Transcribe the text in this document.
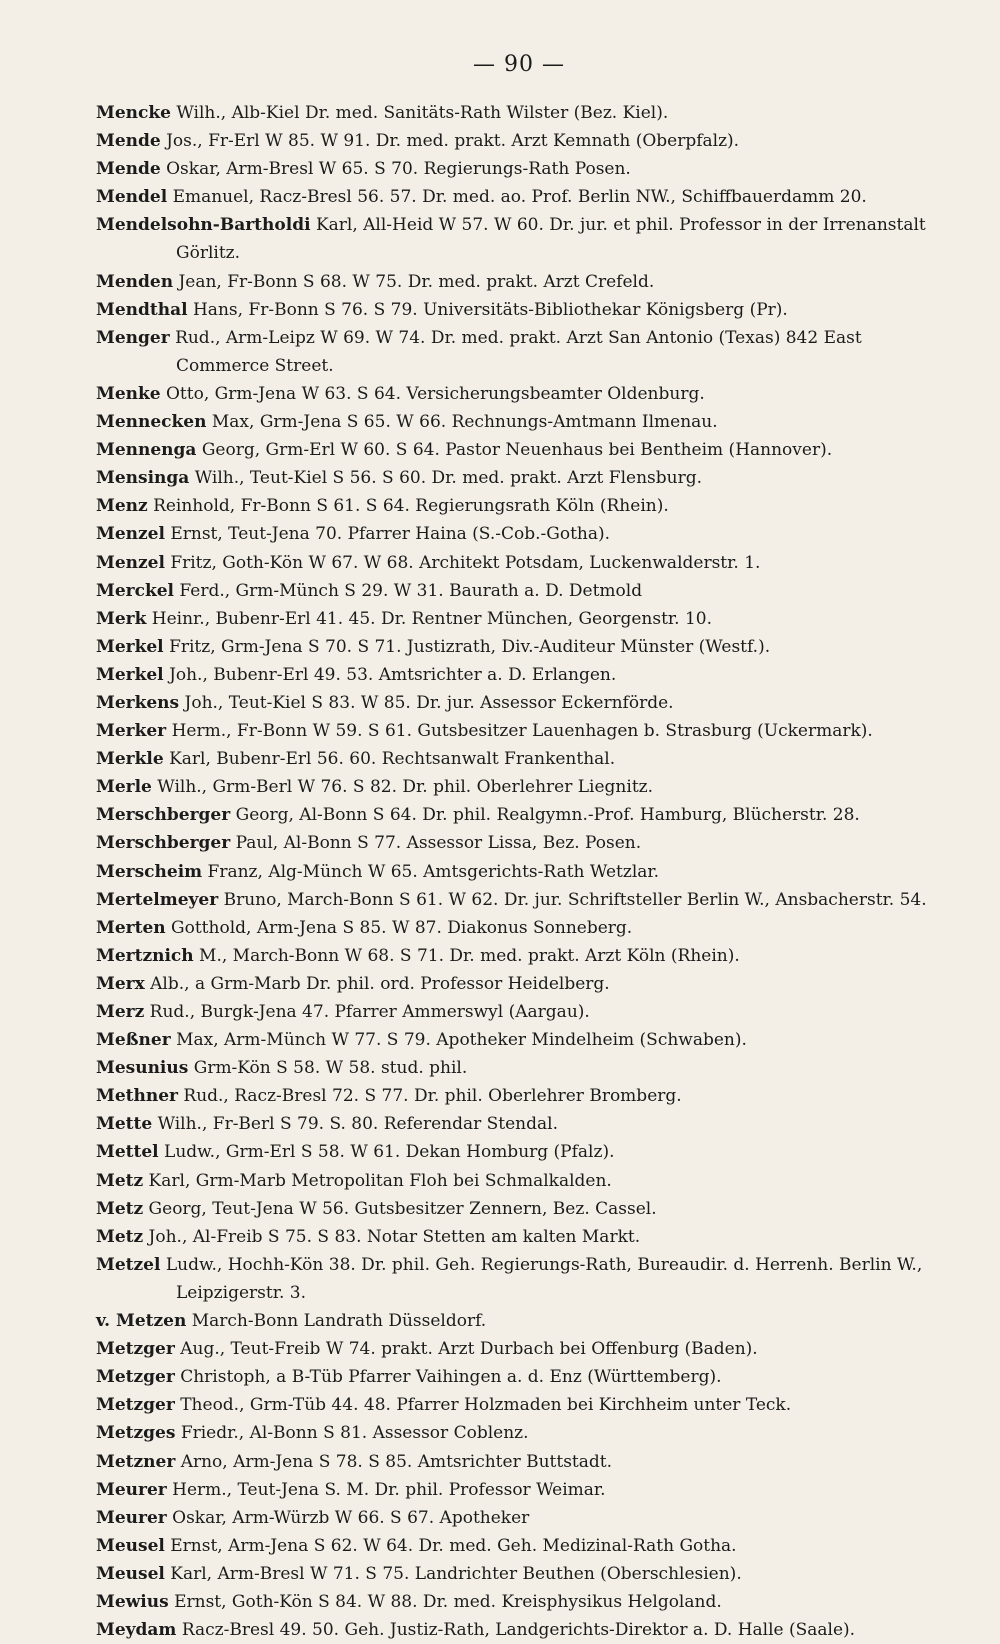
— 90 —
Mencke Wilh., Alb-Kiel Dr. med. Sanitäts-Rath Wilster (Bez. Kiel).
Mende Jos., Fr-Erl W 85. W 91. Dr. med. prakt. Arzt Kemnath (Oberpfalz).
Mende Oskar, Arm-Bresl W 65. S 70. Regierungs-Rath Posen.
Mendel Emanuel, Racz-Bresl 56. 57. Dr. med. ao. Prof. Berlin NW., Schiffbauerdamm 20.
Mendelsohn-Bartholdi Karl, All-Heid W 57. W 60. Dr. jur. et phil. Professor in der Irrenanstalt Görlitz.
Menden Jean, Fr-Bonn S 68. W 75. Dr. med. prakt. Arzt Crefeld.
Mendthal Hans, Fr-Bonn S 76. S 79. Universitäts-Bibliothekar Königsberg (Pr).
Menger Rud., Arm-Leipz W 69. W 74. Dr. med. prakt. Arzt San Antonio (Texas) 842 East Commerce Street.
Menke Otto, Grm-Jena W 63. S 64. Versicherungsbeamter Oldenburg.
Mennecken Max, Grm-Jena S 65. W 66. Rechnungs-Amtmann Ilmenau.
Mennenga Georg, Grm-Erl W 60. S 64. Pastor Neuenhaus bei Bentheim (Hannover).
Mensinga Wilh., Teut-Kiel S 56. S 60. Dr. med. prakt. Arzt Flensburg.
Menz Reinhold, Fr-Bonn S 61. S 64. Regierungsrath Köln (Rhein).
Menzel Ernst, Teut-Jena 70. Pfarrer Haina (S.-Cob.-Gotha).
Menzel Fritz, Goth-Kön W 67. W 68. Architekt Potsdam, Luckenwalderstr. 1.
Merckel Ferd., Grm-Münch S 29. W 31. Baurath a. D. Detmold
Merk Heinr., Bubenr-Erl 41. 45. Dr. Rentner München, Georgenstr. 10.
Merkel Fritz, Grm-Jena S 70. S 71. Justizrath, Div.-Auditeur Münster (Westf.).
Merkel Joh., Bubenr-Erl 49. 53. Amtsrichter a. D. Erlangen.
Merkens Joh., Teut-Kiel S 83. W 85. Dr. jur. Assessor Eckernförde.
Merker Herm., Fr-Bonn W 59. S 61. Gutsbesitzer Lauenhagen b. Strasburg (Uckermark).
Merkle Karl, Bubenr-Erl 56. 60. Rechtsanwalt Frankenthal.
Merle Wilh., Grm-Berl W 76. S 82. Dr. phil. Oberlehrer Liegnitz.
Merschberger Georg, Al-Bonn S 64. Dr. phil. Realgymn.-Prof. Hamburg, Blücherstr. 28.
Merschberger Paul, Al-Bonn S 77. Assessor Lissa, Bez. Posen.
Merscheim Franz, Alg-Münch W 65. Amtsgerichts-Rath Wetzlar.
Mertelmeyer Bruno, March-Bonn S 61. W 62. Dr. jur. Schriftsteller Berlin W., Ansbacherstr. 54.
Merten Gotthold, Arm-Jena S 85. W 87. Diakonus Sonneberg.
Mertznich M., March-Bonn W 68. S 71. Dr. med. prakt. Arzt Köln (Rhein).
Merx Alb., a Grm-Marb Dr. phil. ord. Professor Heidelberg.
Merz Rud., Burgk-Jena 47. Pfarrer Ammerswyl (Aargau).
Meßner Max, Arm-Münch W 77. S 79. Apotheker Mindelheim (Schwaben).
Mesunius Grm-Kön S 58. W 58. stud. phil.
Methner Rud., Racz-Bresl 72. S 77. Dr. phil. Oberlehrer Bromberg.
Mette Wilh., Fr-Berl S 79. S. 80. Referendar Stendal.
Mettel Ludw., Grm-Erl S 58. W 61. Dekan Homburg (Pfalz).
Metz Karl, Grm-Marb Metropolitan Floh bei Schmalkalden.
Metz Georg, Teut-Jena W 56. Gutsbesitzer Zennern, Bez. Cassel.
Metz Joh., Al-Freib S 75. S 83. Notar Stetten am kalten Markt.
Metzel Ludw., Hochh-Kön 38. Dr. phil. Geh. Regierungs-Rath, Bureaudir. d. Herrenh. Berlin W., Leipzigerstr. 3.
v. Metzen March-Bonn Landrath Düsseldorf.
Metzger Aug., Teut-Freib W 74. prakt. Arzt Durbach bei Offenburg (Baden).
Metzger Christoph, a B-Tüb Pfarrer Vaihingen a. d. Enz (Württemberg).
Metzger Theod., Grm-Tüb 44. 48. Pfarrer Holzmaden bei Kirchheim unter Teck.
Metzges Friedr., Al-Bonn S 81. Assessor Coblenz.
Metzner Arno, Arm-Jena S 78. S 85. Amtsrichter Buttstadt.
Meurer Herm., Teut-Jena S. M. Dr. phil. Professor Weimar.
Meurer Oskar, Arm-Würzb W 66. S 67. Apotheker
Meusel Ernst, Arm-Jena S 62. W 64. Dr. med. Geh. Medizinal-Rath Gotha.
Meusel Karl, Arm-Bresl W 71. S 75. Landrichter Beuthen (Oberschlesien).
Mewius Ernst, Goth-Kön S 84. W 88. Dr. med. Kreisphysikus Helgoland.
Meydam Racz-Bresl 49. 50. Geh. Justiz-Rath, Landgerichts-Direktor a. D. Halle (Saale).
